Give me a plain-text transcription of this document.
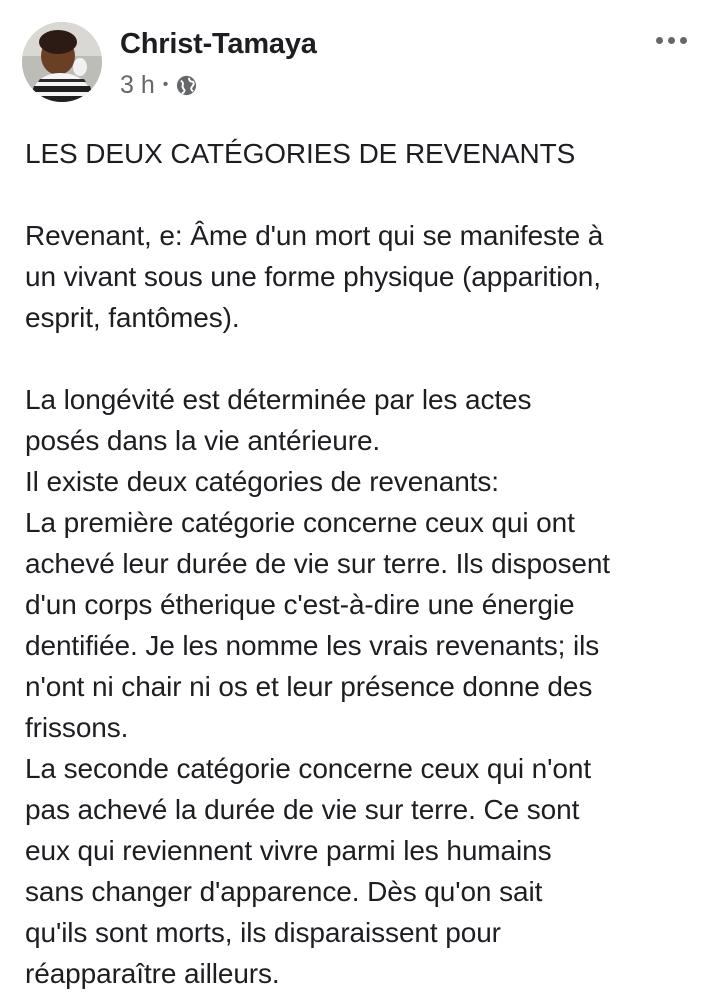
Christ-Tamaya
3 h •
LES DEUX CATÉGORIES DE REVENANTS

Revenant, e: Âme d'un mort qui se manifeste à
un vivant sous une forme physique (apparition,
esprit, fantômes).

La longévité est déterminée par les actes
posés dans la vie antérieure.
Il existe deux catégories de revenants:
La première catégorie concerne ceux qui ont
achevé leur durée de vie sur terre. Ils disposent
d'un corps étherique c'est-à-dire une énergie
dentifiée. Je les nomme les vrais revenants; ils
n'ont ni chair ni os et leur présence donne des
frissons.
La seconde catégorie concerne ceux qui n'ont
pas achevé la durée de vie sur terre. Ce sont
eux qui reviennent vivre parmi les humains
sans changer d'apparence. Dès qu'on sait
qu'ils sont morts, ils disparaissent pour
réapparaître ailleurs.
